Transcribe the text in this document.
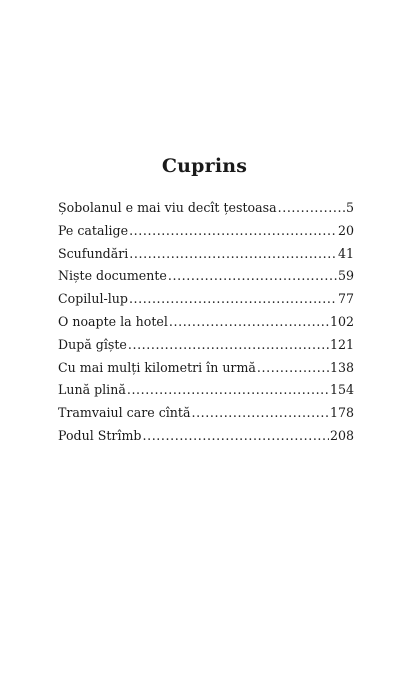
Cuprins
Șobolanul e mai viu decît țestoasa .....	5
Pe catalige .....	20
Scufundări .....	41
Niște documente .....	59
Copilul-lup .....	77
O noapte la hotel .....	102
După gîște .....	121
Cu mai mulți kilometri în urmă .....	138
Lună plină .....	154
Tramvaiul care cîntă .....	178
Podul Strîmb .....	208
